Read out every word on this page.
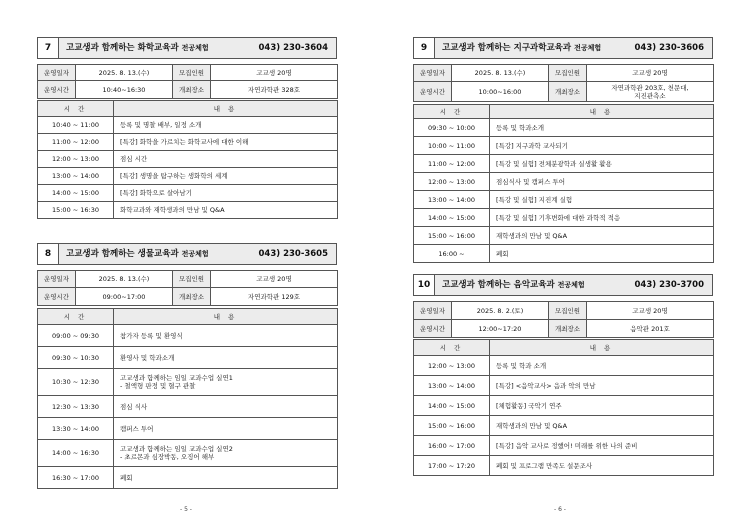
7	고교생과 함께하는 화학교육과 전공체험	043) 230-3604
운영일자	2025. 8. 13.(수)	모집인원	고교생 20명
운영시간	10:40~16:30	개최장소	자연과학관 328호
시 간	내 용
10:40 ~ 11:00	등록 및 명찰 배부, 일정 소개
11:00 ~ 12:00	[특강] 화학을 가르치는 화학교사에 대한 이해
12:00 ~ 13:00	점심 시간
13:00 ~ 14:00	[특강] 생명을 탐구하는 생화학의 세계
14:00 ~ 15:00	[특강] 화학으로 살아남기
15:00 ~ 16:30	화학교과와 재학생과의 만남 및 Q&A
8	고교생과 함께하는 생물교육과 전공체험	043) 230-3605
운영일자	2025. 8. 13.(수)	모집인원	고교생 20명
운영시간	09:00~17:00	개최장소	자연과학관 129호
시 간	내 용
09:00 ~ 09:30	참가자 등록 및 환영식
09:30 ~ 10:30	환영사 및 학과소개
10:30 ~ 12:30	고교생과 함께하는 임일 교과수업 실연1
- 철액형 판정 및 혈구 관찰
12:30 ~ 13:30	점심 식사
13:30 ~ 14:00	캠퍼스 투어
14:00 ~ 16:30	고교생과 함께하는 임일 교과수업 실연2
- 초르몬과 심장박동, 오징어 해부
16:30 ~ 17:00	폐회
- 5 -
9	고교생과 함께하는 지구과학교육과 전공체험	043) 230-3606
운영일자	2025. 8. 13.(수)	모집인원	고교생 20명
운영시간	10:00~16:00	개최장소	자연과학관 203호, 천문대,
지진관측소
시 간	내 용
09:30 ~ 10:00	등록 및 학과소개
10:00 ~ 11:00	[특강] 지구과학 교사되기
11:00 ~ 12:00	[특강 및 실험] 전체분광학과 실생활 활용
12:00 ~ 13:00	점심식사 및 캠퍼스 투어
13:00 ~ 14:00	[특강 및 실험] 지진계 실험
14:00 ~ 15:00	[특강 및 실험] 기후변화에 대한 과학적 적응
15:00 ~ 16:00	재학생과의 만남 및 Q&A
16:00 ~	폐회
10	고교생과 함께하는 음악교육과 전공체험	043) 230-3700
운영일자	2025. 8. 2.(토)	모집인원	고교생 20명
운영시간	12:00~17:20	개최장소	음악관 201호
시 간	내 용
12:00 ~ 13:00	등록 및 학과 소개
13:00 ~ 14:00	[특강] <음악교사> 음과 악의 만남
14:00 ~ 15:00	[체험활동] 국악기 연주
15:00 ~ 16:00	재학생과의 만남 및 Q&A
16:00 ~ 17:00	[특강] 음악 교사로 정했어! 미래를 위한 나의 준비
17:00 ~ 17:20	폐회 및 프로그램 만족도 설문조사
- 6 -
